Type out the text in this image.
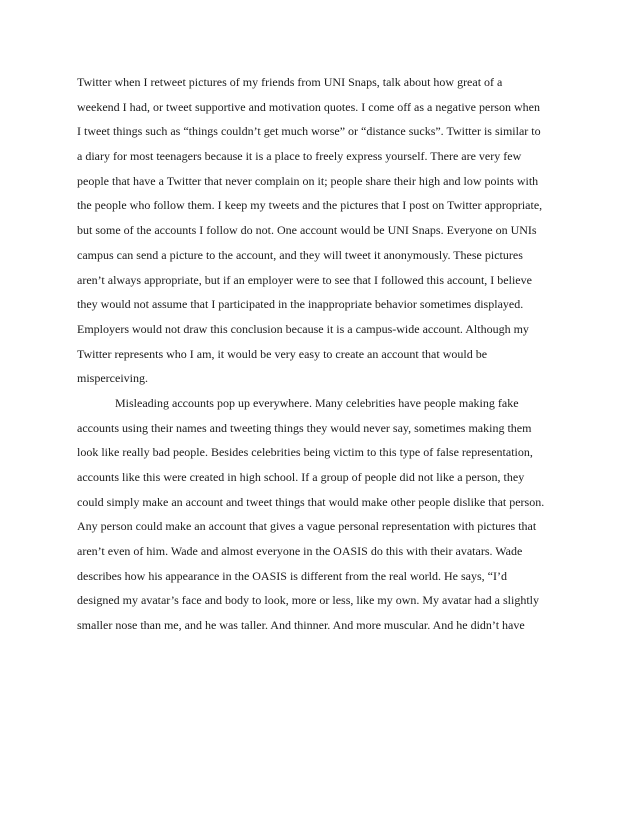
Twitter when I retweet pictures of my friends from UNI Snaps, talk about how great of a
weekend I had, or tweet supportive and motivation quotes. I come off as a negative person when
I tweet things such as “things couldn’t get much worse” or “distance sucks”. Twitter is similar to
a diary for most teenagers because it is a place to freely express yourself. There are very few
people that have a Twitter that never complain on it; people share their high and low points with
the people who follow them. I keep my tweets and the pictures that I post on Twitter appropriate,
but some of the accounts I follow do not. One account would be UNI Snaps. Everyone on UNIs
campus can send a picture to the account, and they will tweet it anonymously. These pictures
aren’t always appropriate, but if an employer were to see that I followed this account, I believe
they would not assume that I participated in the inappropriate behavior sometimes displayed.
Employers would not draw this conclusion because it is a campus-wide account. Although my
Twitter represents who I am, it would be very easy to create an account that would be
misperceiving.
Misleading accounts pop up everywhere. Many celebrities have people making fake
accounts using their names and tweeting things they would never say, sometimes making them
look like really bad people. Besides celebrities being victim to this type of false representation,
accounts like this were created in high school. If a group of people did not like a person, they
could simply make an account and tweet things that would make other people dislike that person.
Any person could make an account that gives a vague personal representation with pictures that
aren’t even of him. Wade and almost everyone in the OASIS do this with their avatars. Wade
describes how his appearance in the OASIS is different from the real world. He says, “I’d
designed my avatar’s face and body to look, more or less, like my own. My avatar had a slightly
smaller nose than me, and he was taller. And thinner. And more muscular. And he didn’t have
